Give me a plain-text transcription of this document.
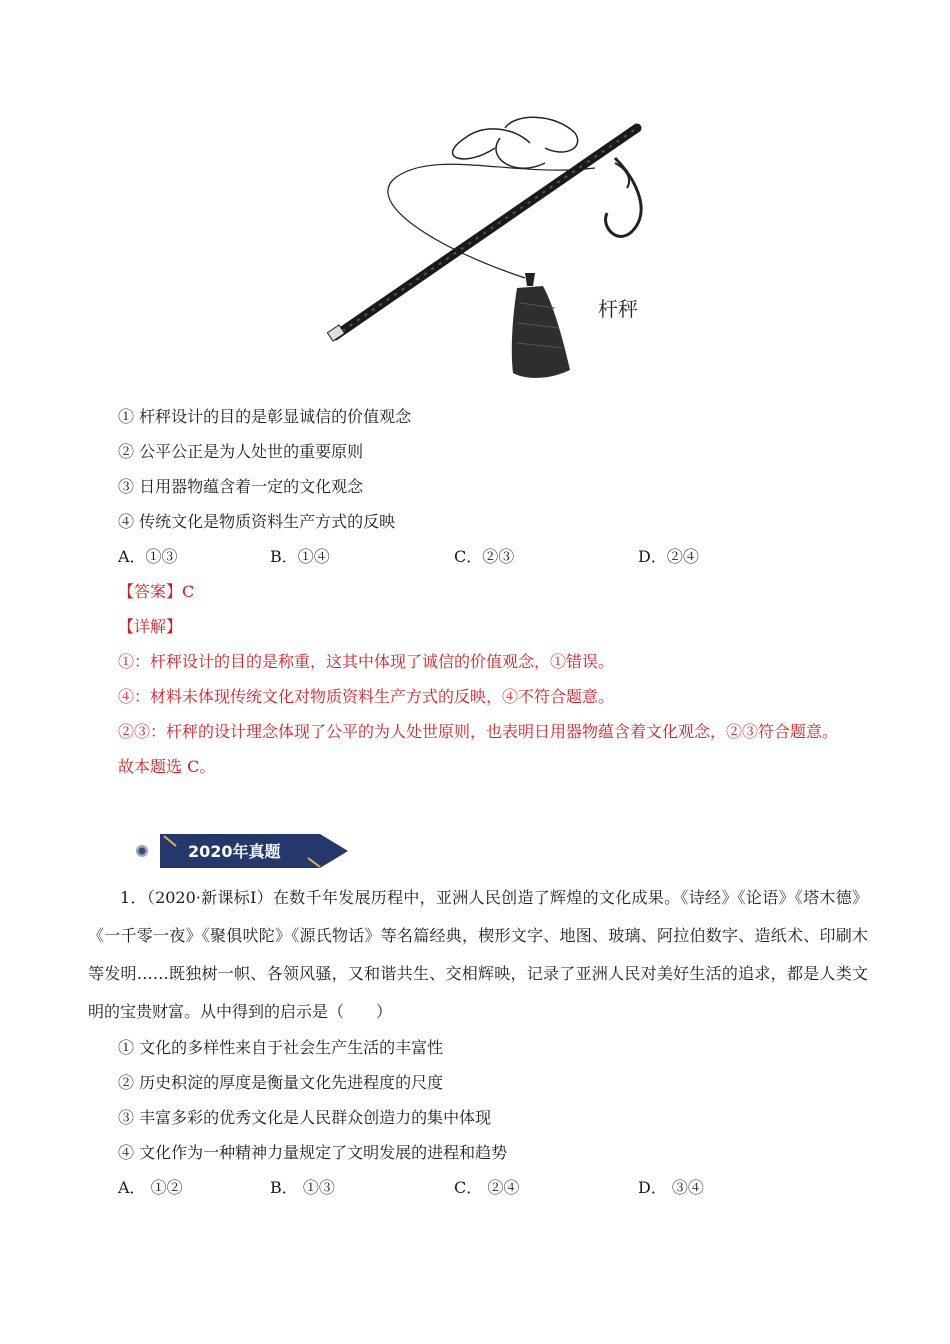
杆秤
① 杆秤设计的目的是彰显诚信的价值观念
② 公平公正是为人处世的重要原则
③ 日用器物蕴含着一定的文化观念
④ 传统文化是物质资料生产方式的反映
A．①③	B．①④	C．②③	D．②④
【答案】C
【详解】
①：杆秤设计的目的是称重，这其中体现了诚信的价值观念，①错误。
④：材料未体现传统文化对物质资料生产方式的反映，④不符合题意。
②③：杆秤的设计理念体现了公平的为人处世原则，也表明日用器物蕴含着文化观念，②③符合题意。
故本题选 C。
2020年真题
1．（2020·新课标Ⅰ）在数千年发展历程中，亚洲人民创造了辉煌的文化成果。《诗经》《论语》《塔木德》《一千零一夜》《聚俱吠陀》《源氏物话》等名篇经典，楔形文字、地图、玻璃、阿拉伯数字、造纸术、印刷木等发明……既独树一帜、各领风骚，又和谐共生、交相辉映，记录了亚洲人民对美好生活的追求，都是人类文明的宝贵财富。从中得到的启示是（　　）
① 文化的多样性来自于社会生产生活的丰富性
② 历史积淀的厚度是衡量文化先进程度的尺度
③ 丰富多彩的优秀文化是人民群众创造力的集中体现
④ 文化作为一种精神力量规定了文明发展的进程和趋势
A． ①②	B． ①③	C． ②④	D． ③④
